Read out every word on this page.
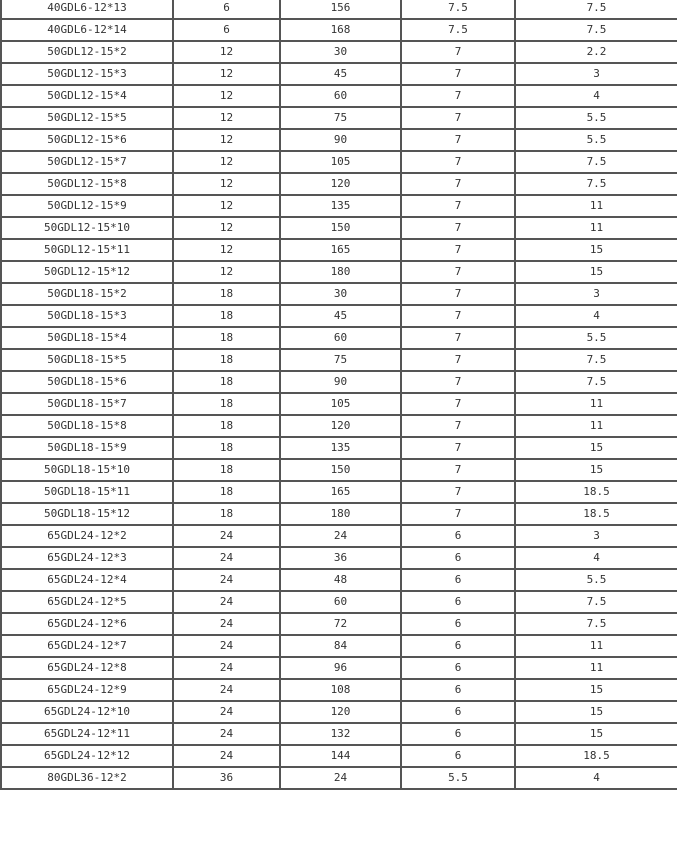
40GDL6-12*13	6	156	7.5	7.5
40GDL6-12*14	6	168	7.5	7.5
50GDL12-15*2	12	30	7	2.2
50GDL12-15*3	12	45	7	3
50GDL12-15*4	12	60	7	4
50GDL12-15*5	12	75	7	5.5
50GDL12-15*6	12	90	7	5.5
50GDL12-15*7	12	105	7	7.5
50GDL12-15*8	12	120	7	7.5
50GDL12-15*9	12	135	7	11
50GDL12-15*10	12	150	7	11
50GDL12-15*11	12	165	7	15
50GDL12-15*12	12	180	7	15
50GDL18-15*2	18	30	7	3
50GDL18-15*3	18	45	7	4
50GDL18-15*4	18	60	7	5.5
50GDL18-15*5	18	75	7	7.5
50GDL18-15*6	18	90	7	7.5
50GDL18-15*7	18	105	7	11
50GDL18-15*8	18	120	7	11
50GDL18-15*9	18	135	7	15
50GDL18-15*10	18	150	7	15
50GDL18-15*11	18	165	7	18.5
50GDL18-15*12	18	180	7	18.5
65GDL24-12*2	24	24	6	3
65GDL24-12*3	24	36	6	4
65GDL24-12*4	24	48	6	5.5
65GDL24-12*5	24	60	6	7.5
65GDL24-12*6	24	72	6	7.5
65GDL24-12*7	24	84	6	11
65GDL24-12*8	24	96	6	11
65GDL24-12*9	24	108	6	15
65GDL24-12*10	24	120	6	15
65GDL24-12*11	24	132	6	15
65GDL24-12*12	24	144	6	18.5
80GDL36-12*2	36	24	5.5	4
